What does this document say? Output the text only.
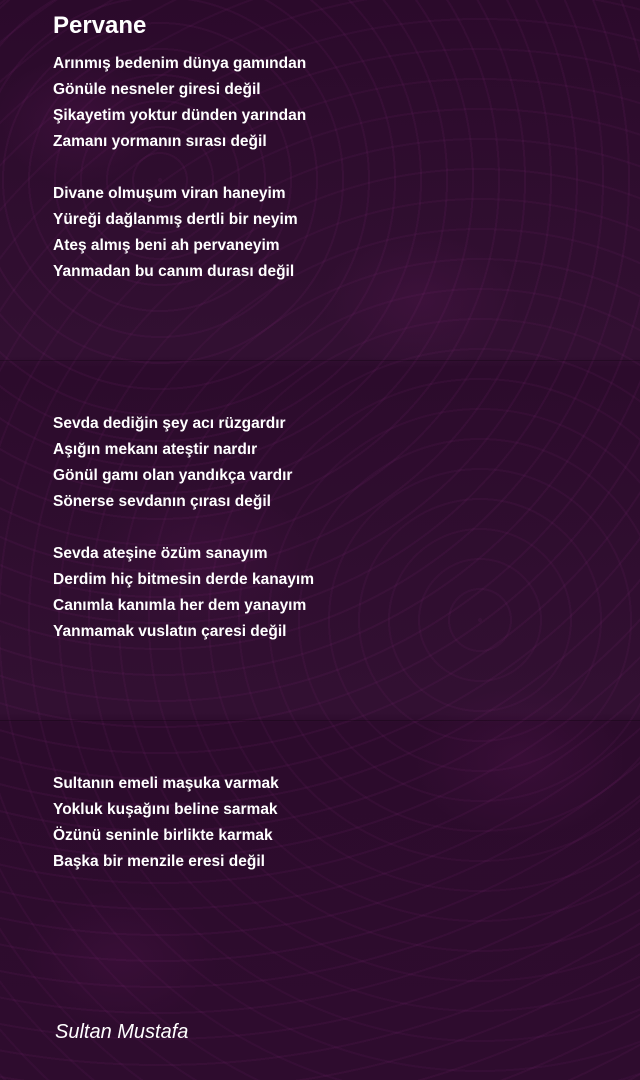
Pervane
Arınmış bedenim dünya gamından
Gönüle nesneler giresi değil
Şikayetim yoktur dünden yarından
Zamanı yormanın sırası değil
Divane olmuşum viran haneyim
Yüreği dağlanmış dertli bir neyim
Ateş almış beni ah pervaneyim
Yanmadan bu canım durası değil
Sevda dediğin şey acı rüzgardır
Aşığın mekanı ateştir nardır
Gönül gamı olan yandıkça vardır
Sönerse sevdanın çırası değil
Sevda ateşine özüm sanayım
Derdim hiç bitmesin derde kanayım
Canımla kanımla her dem yanayım
Yanmamak vuslatın çaresi değil
Sultanın emeli maşuka varmak
Yokluk kuşağını beline sarmak
Özünü seninle birlikte karmak
Başka bir menzile eresi değil
Sultan Mustafa
